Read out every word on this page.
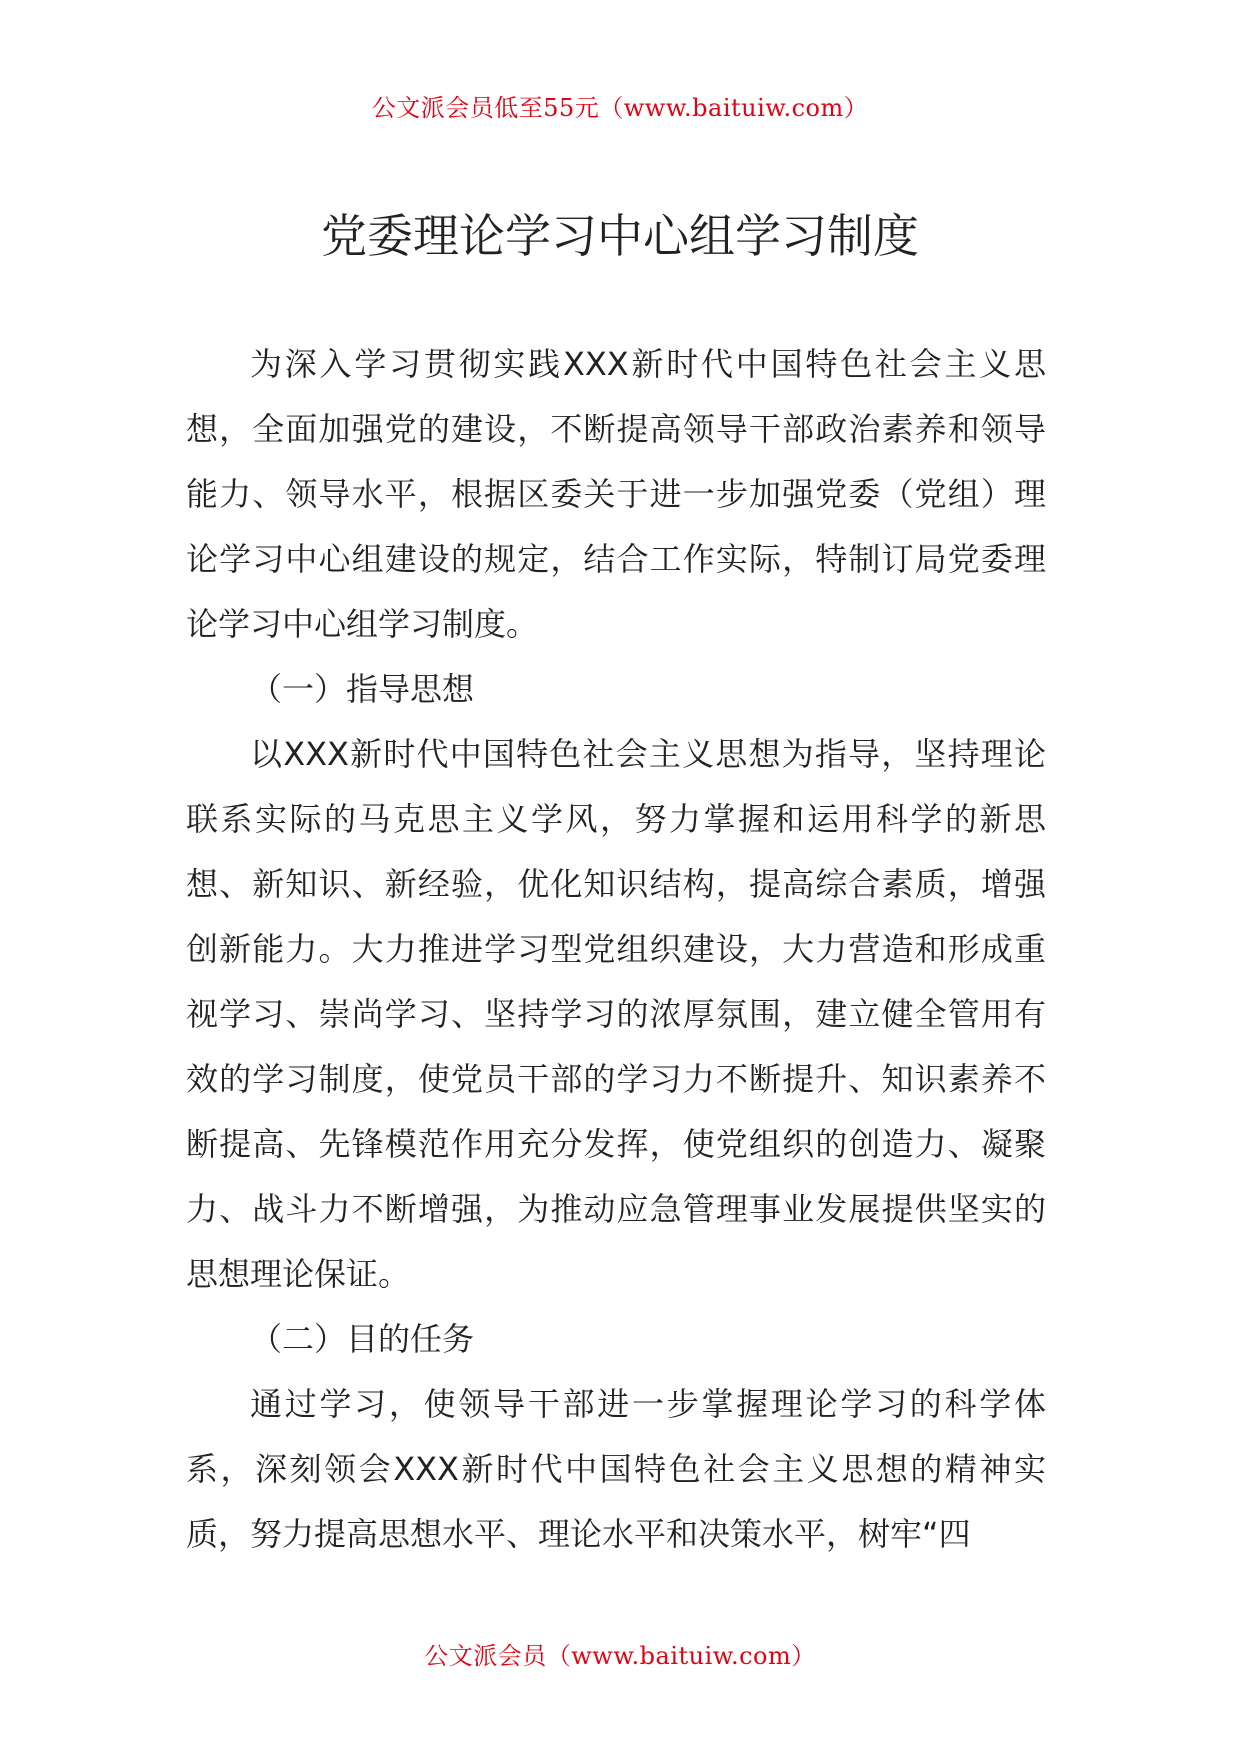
公文派会员低至55元（www.baituiw.com）
党委理论学习中心组学习制度

为深入学习贯彻实践XXX新时代中国特色社会主义思想，全面加强党的建设，不断提高领导干部政治素养和领导能力、领导水平，根据区委关于进一步加强党委（党组）理论学习中心组建设的规定，结合工作实际，特制订局党委理论学习中心组学习制度。

（一）指导思想

以XXX新时代中国特色社会主义思想为指导，坚持理论联系实际的马克思主义学风，努力掌握和运用科学的新思想、新知识、新经验，优化知识结构，提高综合素质，增强创新能力。大力推进学习型党组织建设，大力营造和形成重视学习、崇尚学习、坚持学习的浓厚氛围，建立健全管用有效的学习制度，使党员干部的学习力不断提升、知识素养不断提高、先锋模范作用充分发挥，使党组织的创造力、凝聚力、战斗力不断增强，为推动应急管理事业发展提供坚实的思想理论保证。

（二）目的任务

通过学习，使领导干部进一步掌握理论学习的科学体系，深刻领会XXX新时代中国特色社会主义思想的精神实质，努力提高思想水平、理论水平和决策水平，树牢“四

公文派会员（www.baituiw.com）
